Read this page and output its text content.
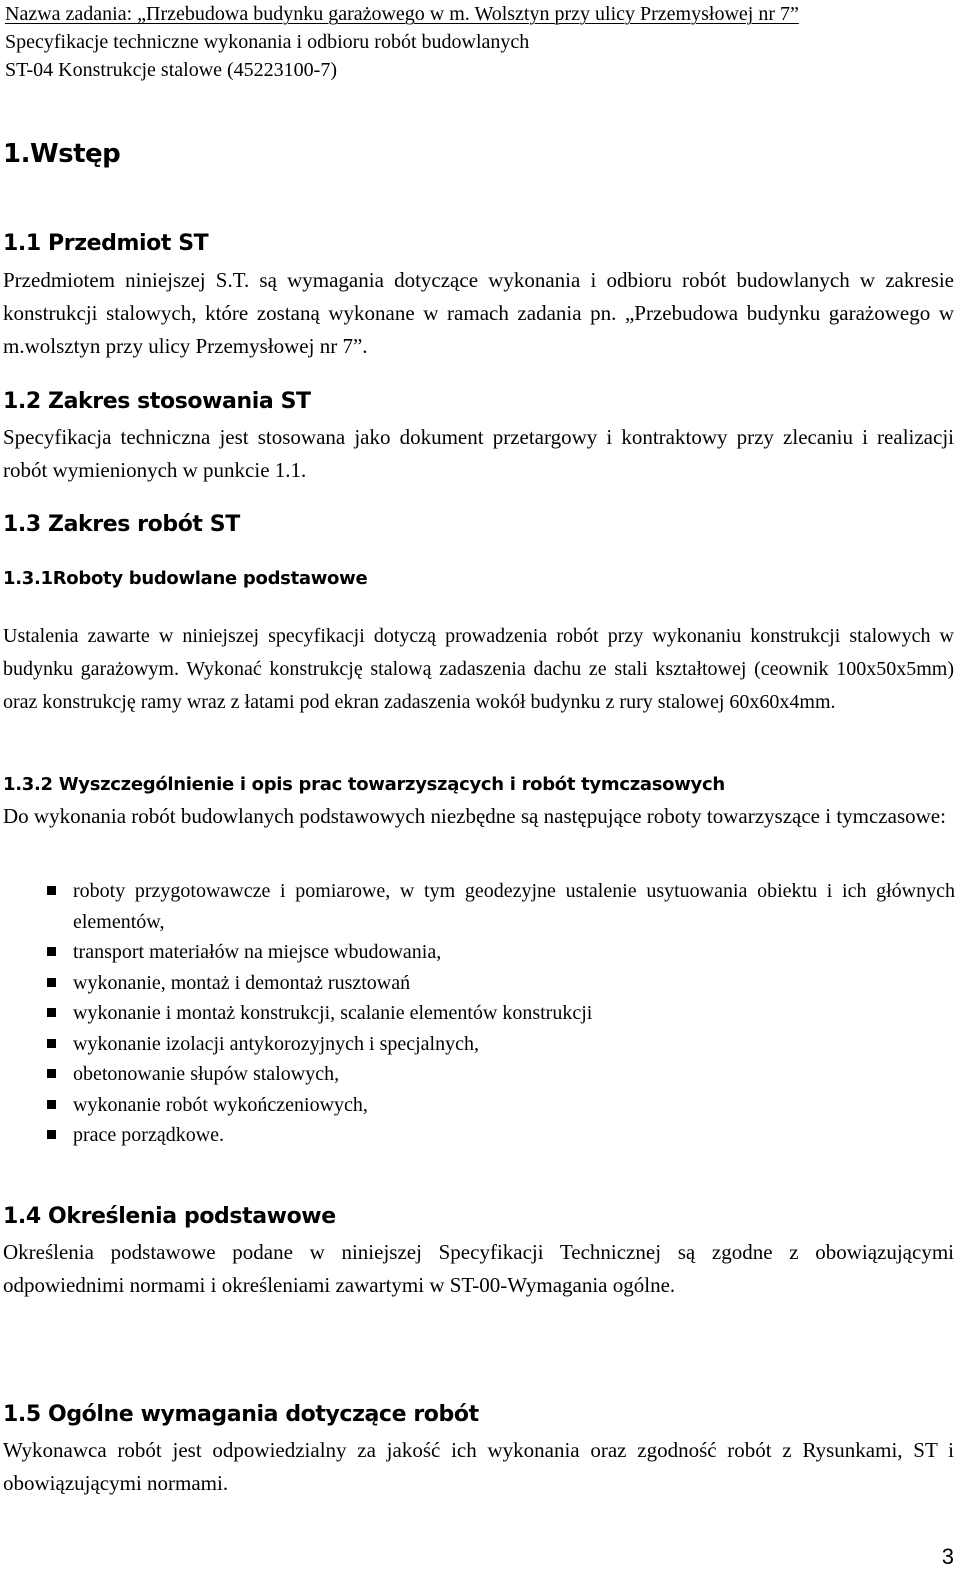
Nazwa zadania: „Пrzebudowa budynku garażowego w m. Wolsztyn przy ulicy Przemysłowej nr 7”
Specyfikacje techniczne wykonania i odbioru robót budowlanych
ST-04 Konstrukcje stalowe (45223100-7)
1.Wstęp
1.1 Przedmiot ST
Przedmiotem niniejszej S.T. są wymagania dotyczące wykonania i odbioru robót budowlanych w zakresie konstrukcji stalowych, które zostaną wykonane w ramach zadania pn. „Przebudowa budynku garażowego w m.wolsztyn przy ulicy Przemysłowej nr 7”.
1.2 Zakres stosowania ST
Specyfikacja techniczna jest stosowana jako dokument przetargowy i kontraktowy przy zlecaniu i realizacji robót wymienionych w punkcie 1.1.
1.3 Zakres robót ST
1.3.1Roboty budowlane podstawowe
Ustalenia zawarte w niniejszej specyfikacji dotyczą prowadzenia robót przy wykonaniu konstrukcji stalowych w budynku garażowym. Wykonać konstrukcję stalową zadaszenia dachu ze stali kształtowej (ceownik 100x50x5mm) oraz konstrukcję ramy wraz z łatami pod ekran zadaszenia wokół budynku z rury stalowej 60x60x4mm.
1.3.2 Wyszczególnienie i opis prac towarzyszących i robót tymczasowych
Do wykonania robót budowlanych podstawowych niezbędne są następujące roboty towarzyszące i tymczasowe:
roboty przygotowawcze i pomiarowe, w tym geodezyjne ustalenie usytuowania obiektu i ich głównych elementów,
transport materiałów na miejsce wbudowania,
wykonanie, montaż i demontaż rusztowań
wykonanie i montaż konstrukcji, scalanie elementów konstrukcji
wykonanie izolacji antykorozyjnych i specjalnych,
obetonowanie słupów stalowych,
wykonanie robót wykończeniowych,
prace porządkowe.
1.4 Określenia podstawowe
Określenia podstawowe podane w niniejszej Specyfikacji Technicznej są zgodne z obowiązującymi odpowiednimi normami i określeniami zawartymi w ST-00-Wymagania ogólne.
1.5 Ogólne wymagania dotyczące robót
Wykonawca robót jest odpowiedzialny za jakość ich wykonania oraz zgodność robót z Rysunkami, ST i obowiązującymi normami.
3
